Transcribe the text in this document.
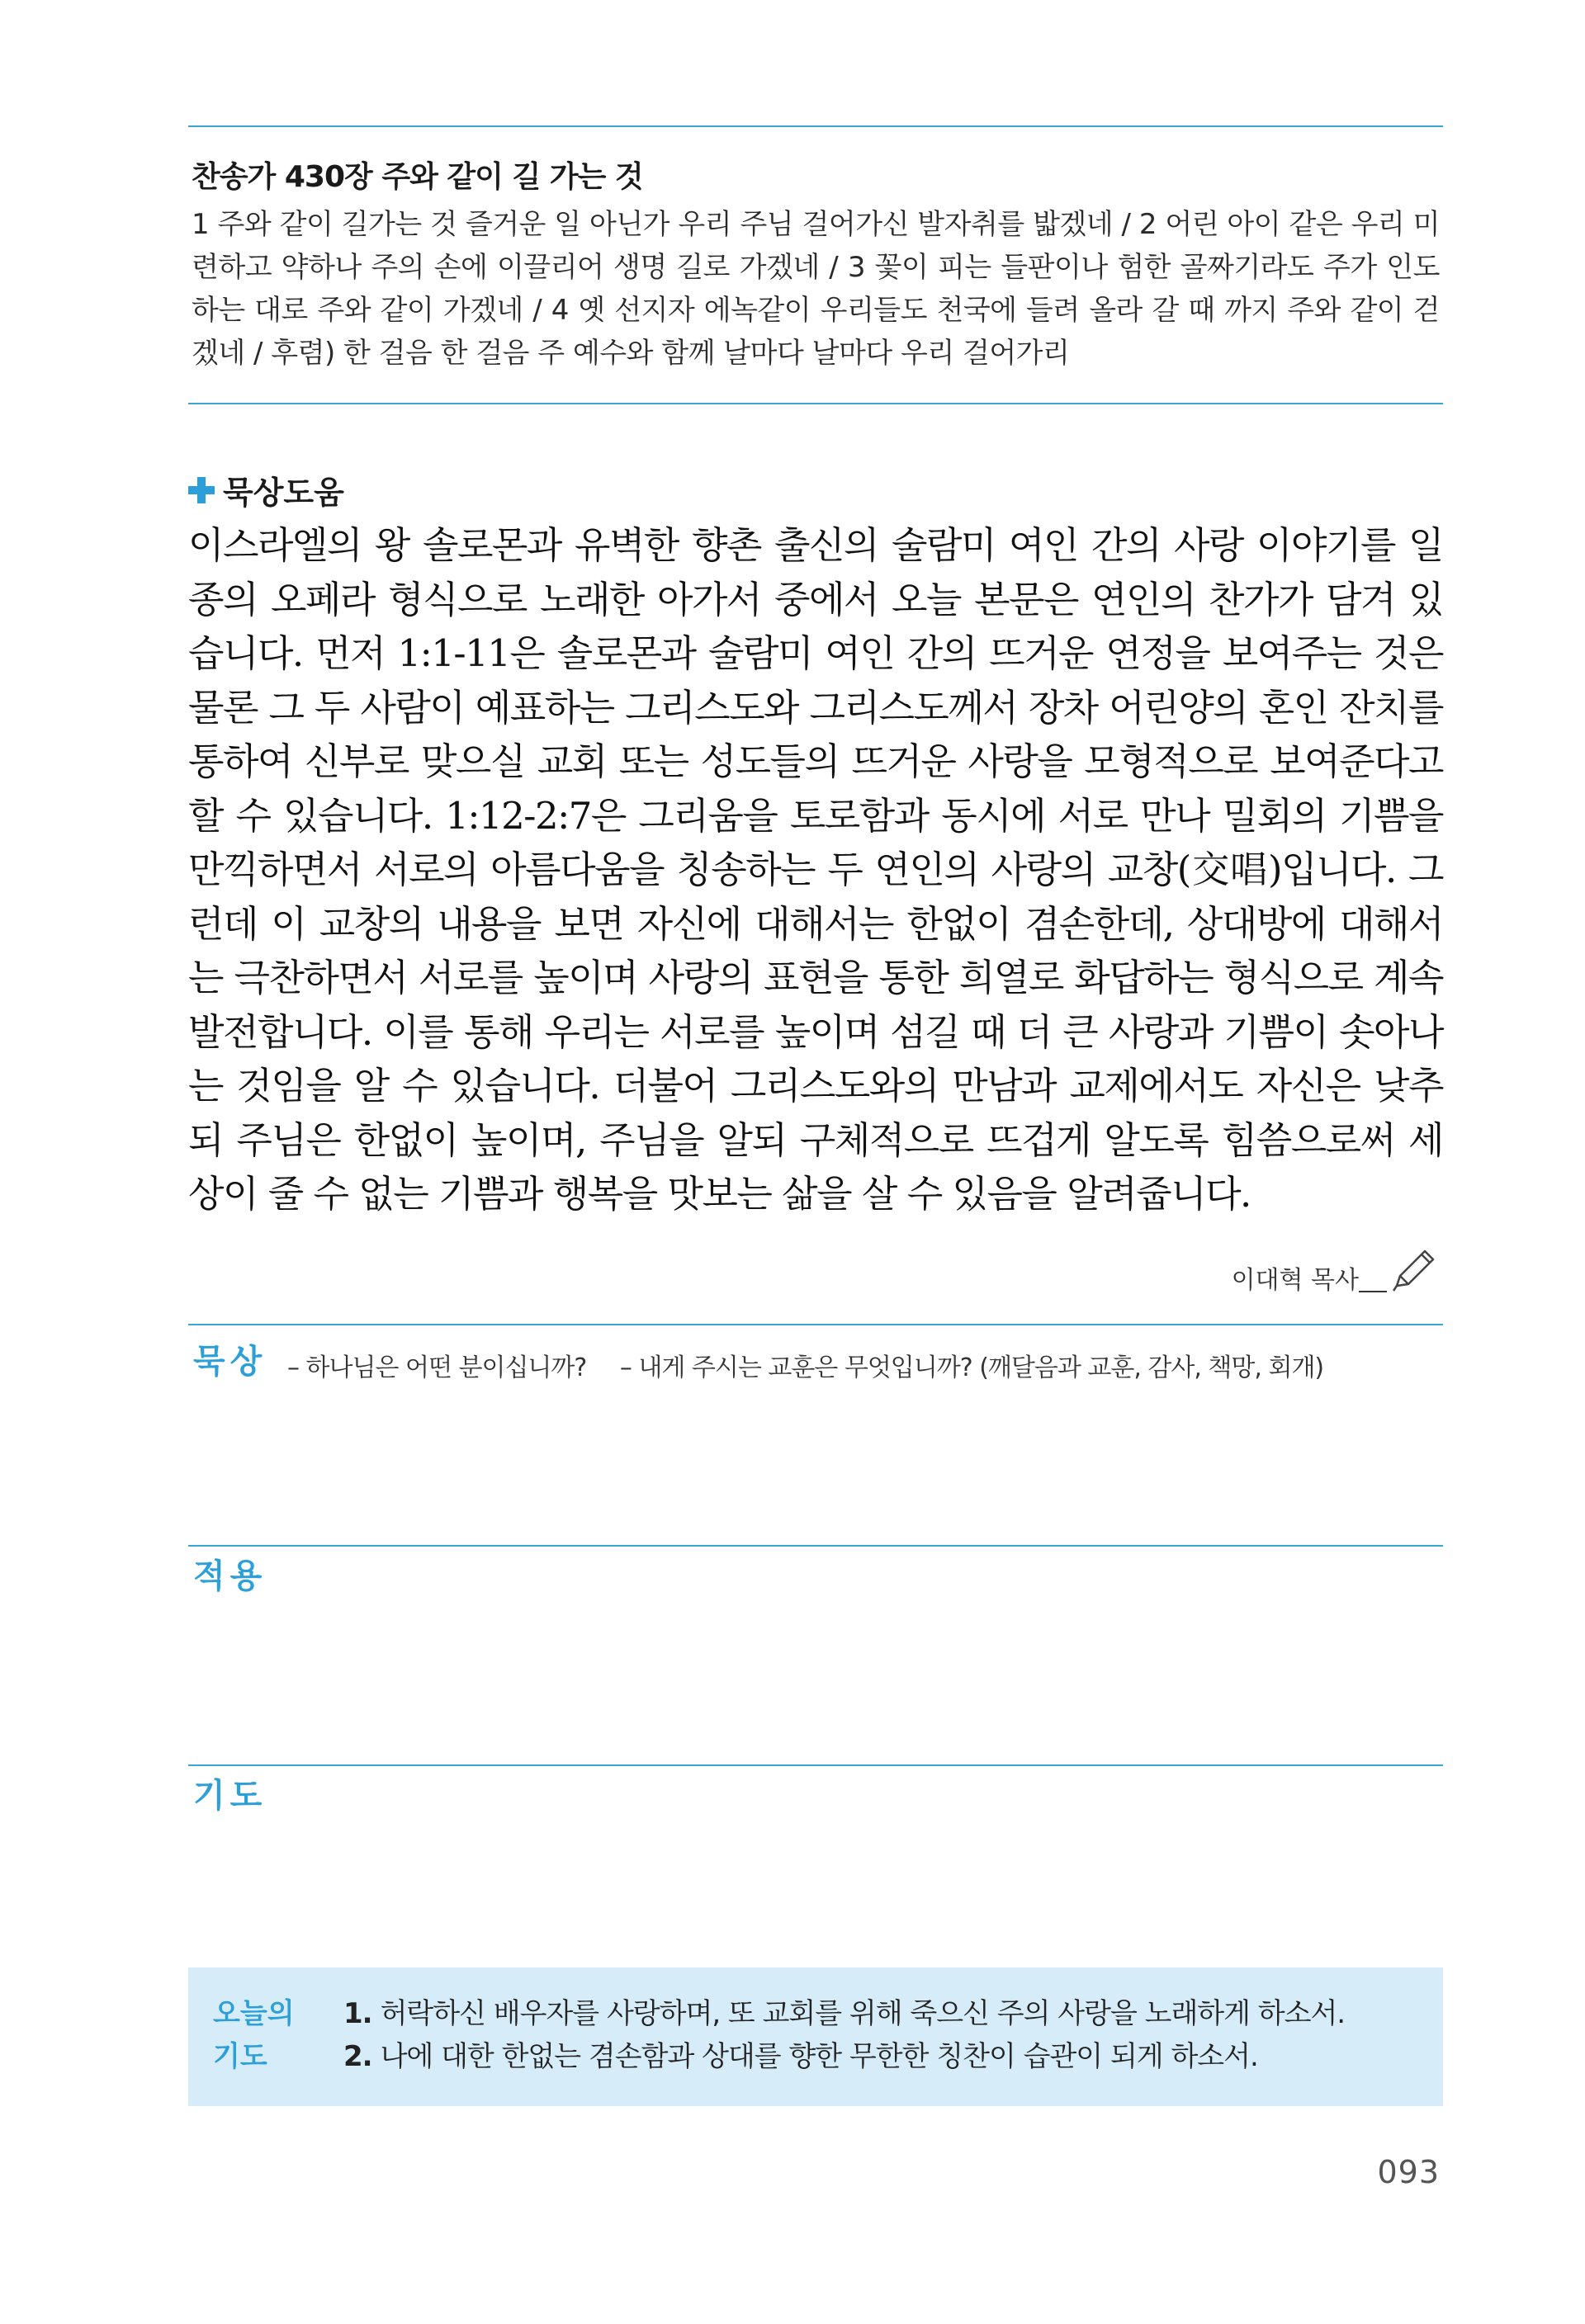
찬송가 430장 주와 같이 길 가는 것
1 주와 같이 길가는 것 즐거운 일 아닌가 우리 주님 걸어가신 발자취를 밟겠네 / 2 어린 아이 같은 우리 미련하고 약하나 주의 손에 이끌리어 생명 길로 가겠네 / 3 꽃이 피는 들판이나 험한 골짜기라도 주가 인도 하는 대로 주와 같이 가겠네 / 4 옛 선지자 에녹같이 우리들도 천국에 들려 올라 갈 때 까지 주와 같이 걷겠네 / 후렴) 한 걸음 한 걸음 주 예수와 함께 날마다 날마다 우리 걸어가리
묵상도움
이스라엘의 왕 솔로몬과 유벽한 향촌 출신의 술람미 여인 간의 사랑 이야기를 일종의 오페라 형식으로 노래한 아가서 중에서 오늘 본문은 연인의 찬가가 담겨 있습니다. 먼저 1:1-11은 솔로몬과 술람미 여인 간의 뜨거운 연정을 보여주는 것은 물론 그 두 사람이 예표하는 그리스도와 그리스도께서 장차 어린양의 혼인 잔치를 통하여 신부로 맞으실 교회 또는 성도들의 뜨거운 사랑을 모형적으로 보여준다고 할 수 있습니다. 1:12-2:7은 그리움을 토로함과 동시에 서로 만나 밀회의 기쁨을 만끽하면서 서로의 아름다움을 칭송하는 두 연인의 사랑의 교창(交唱)입니다. 그런데 이 교창의 내용을 보면 자신에 대해서는 한없이 겸손한데, 상대방에 대해서는 극찬하면서 서로를 높이며 사랑의 표현을 통한 희열로 화답하는 형식으로 계속 발전합니다. 이를 통해 우리는 서로를 높이며 섬길 때 더 큰 사랑과 기쁨이 솟아나는 것임을 알 수 있습니다. 더불어 그리스도와의 만남과 교제에서도 자신은 낮추되 주님은 한없이 높이며, 주님을 알되 구체적으로 뜨겁게 알도록 힘씀으로써 세상이 줄 수 없는 기쁨과 행복을 맛보는 삶을 살 수 있음을 알려줍니다.
이대혁 목사
묵상 – 하나님은 어떤 분이십니까? – 내게 주시는 교훈은 무엇입니까? (깨달음과 교훈, 감사, 책망, 회개)
적용
기도
오늘의
기도
1. 허락하신 배우자를 사랑하며, 또 교회를 위해 죽으신 주의 사랑을 노래하게 하소서.
2. 나에 대한 한없는 겸손함과 상대를 향한 무한한 칭찬이 습관이 되게 하소서.
093
